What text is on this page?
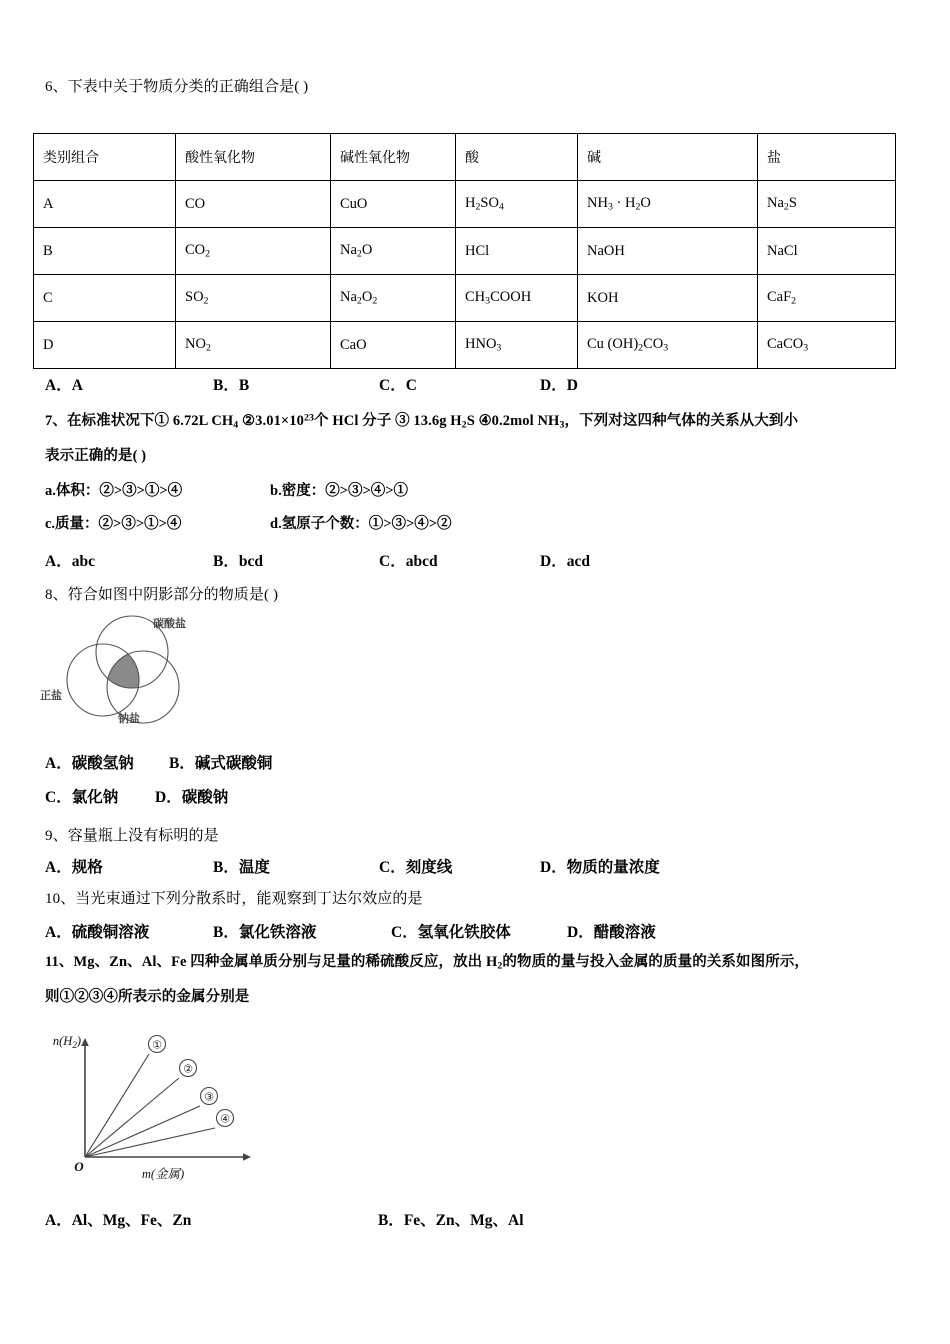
6、下表中关于物质分类的正确组合是( )
类别组合	酸性氧化物	碱性氧化物	酸	碱	盐
A	CO	CuO	$H_2SO_4$	$NH_3 \cdot H_2O$	$Na_2S$
B	$CO_2$	$Na_2O$	HCl	NaOH	NaCl
C	$SO_2$	$Na_2O_2$	$CH_3COOH$	KOH	CaF$_2$
D	$NO_2$	CaO	$HNO_3$	Cu $(OH)_2CO_3$	CaCO$_3$
A．A	B．B	C．C	D．D
7、在标准状况下① 6.72L $CH_4$ $②3.01\times 10^{23}$个 HCl 分子 ③ 13.6g $H_2S$ ④0.2mol $NH_3$，下列对这四种气体的关系从大到小
表示正确的是( )
a.体积：②>③>①>④	b.密度：②>③>④>①
c.质量：②>③>①>④	d.氢原子个数：①>③>④>②
A．abc	B．bcd	C．abcd	D．acd
8、符合如图中阴影部分的物质是( )
碳酸盐
正盐
钠盐
A．碳酸氢钠 B．碱式碳酸铜
C．氯化钠 D．碳酸钠
9、容量瓶上没有标明的是
A．规格	B．温度	C．刻度线	D．物质的量浓度
10、当光束通过下列分散系时，能观察到丁达尔效应的是
A．硫酸铜溶液	B．氯化铁溶液	C．氢氧化铁胶体	D．醋酸溶液
11、Mg、Zn、Al、Fe 四种金属单质分别与足量的稀硫酸反应，放出 $H_2$的物质的量与投入金属的质量的关系如图所示，
则①②③④所表示的金属分别是
①
②
③
④
$n(H_2)$
O	m(金属)
A．Al、Mg、Fe、Zn	B．Fe、Zn、Mg、Al
